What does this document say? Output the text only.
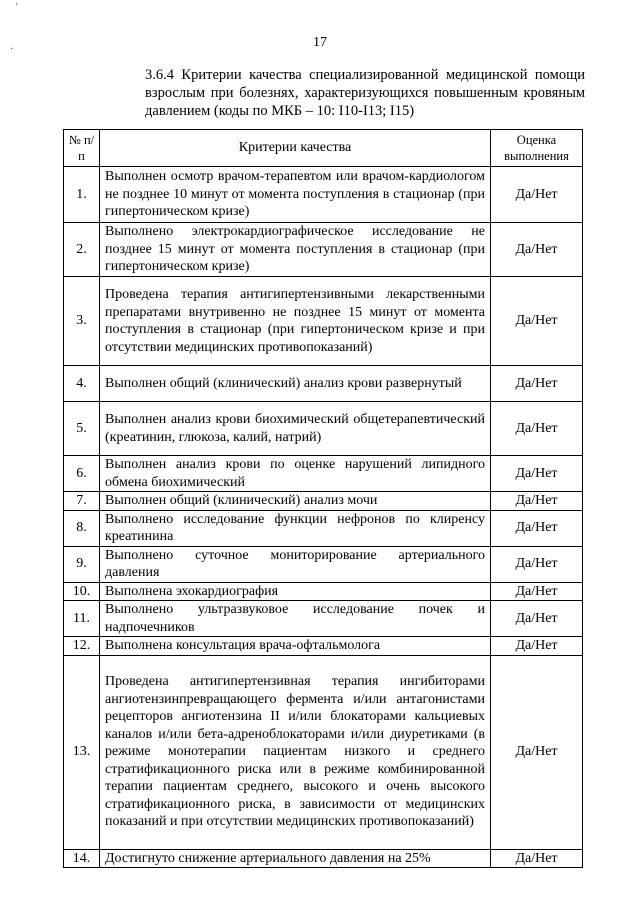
'
·	17
3.6.4 Критерии качества специализированной медицинской помощи взрослым при болезнях, характеризующихся повышенным кровяным давлением (коды по МКБ – 10: I10-I13; I15)
№ п/п	Критерии качества	Оценка выполнения
1.	Выполнен осмотр врачом-терапевтом или врачом-кардиологом не позднее 10 минут от момента поступления в стационар (при гипертоническом кризе)	Да/Нет
2.	Выполнено электрокардиографическое исследование не позднее 15 минут от момента поступления в стационар (при гипертоническом кризе)	Да/Нет
3.	Проведена терапия антигипертензивными лекарственными препаратами внутривенно не позднее 15 минут от момента поступления в стационар (при гипертоническом кризе и при отсутствии медицинских противопоказаний)	Да/Нет
4.	Выполнен общий (клинический) анализ крови развернутый	Да/Нет
5.	Выполнен анализ крови биохимический общетерапевтический (креатинин, глюкоза, калий, натрий)	Да/Нет
6.	Выполнен анализ крови по оценке нарушений липидного обмена биохимический	Да/Нет
7.	Выполнен общий (клинический) анализ мочи	Да/Нет
8.	Выполнено исследование функции нефронов по клиренсу креатинина	Да/Нет
9.	Выполнено суточное мониторирование артериального давления	Да/Нет
10.	Выполнена эхокардиография	Да/Нет
11.	Выполнено ультразвуковое исследование почек и надпочечников	Да/Нет
12.	Выполнена консультация врача-офтальмолога	Да/Нет
13.	Проведена антигипертензивная терапия ингибиторами ангиотензинпревращающего фермента и/или антагонистами рецепторов ангиотензина II и/или блокаторами кальциевых каналов и/или бета-адреноблокаторами и/или диуретиками (в режиме монотерапии пациентам низкого и среднего стратификационного риска или в режиме комбинированной терапии пациентам среднего, высокого и очень высокого стратификационного риска, в зависимости от медицинских показаний и при отсутствии медицинских противопоказаний)	Да/Нет
14.	Достигнуто снижение артериального давления на 25%	Да/Нет
